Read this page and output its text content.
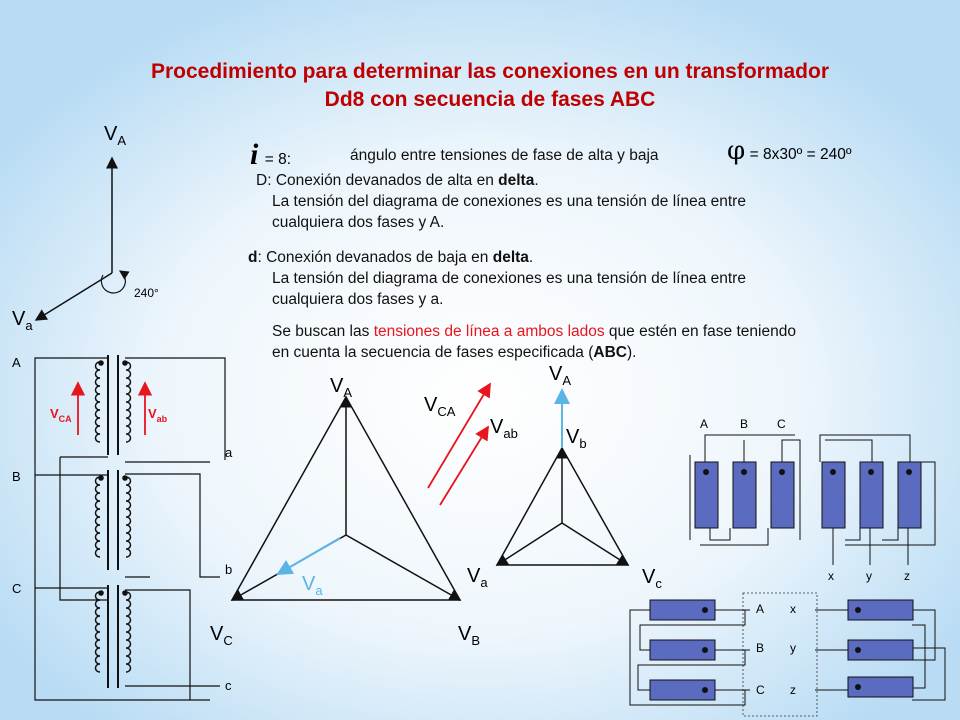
Procedimiento para determinar las conexiones en un transformador
Dd8 con secuencia de fases ABC
i = 8:	ángulo entre tensiones de fase de alta y baja	φ = 8x30º = 240º
D: Conexión devanados de alta en delta.
La tensión del diagrama de conexiones es una tensión de línea entre
cualquiera dos fases y A.
d: Conexión devanados de baja en delta.
La tensión del diagrama de conexiones es una tensión de línea entre
cualquiera dos fases y a.
Se buscan las tensiones de línea a ambos lados que estén en fase teniendo
en cuenta la secuencia de fases especificada (ABC).
$V_A$
$V_a$
240°
A
B
C
a
b
c
$V_{CA}$	$V_{ab}$
$V_A$
$V_B$
$V_C$
$V_a$
$V_{CA}$
$V_{ab}$
$V_A$
$V_b$
$V_a$	$V_c$
A	B C
x	y	z
A
B
C
x
y
z
